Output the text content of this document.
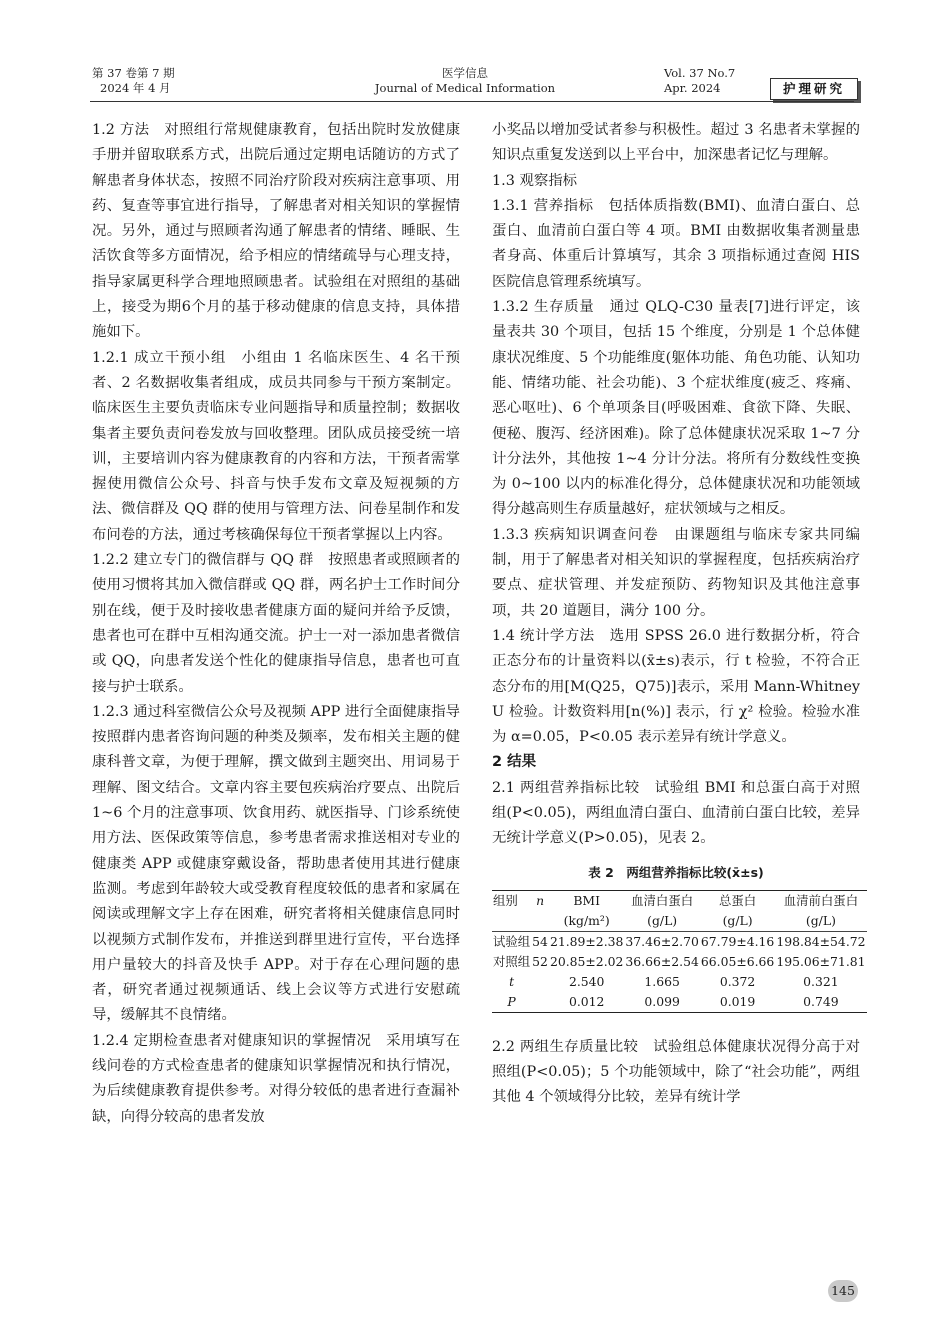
第 37 卷第 7 期
2024 年 4 月
医学信息
Journal of Medical Information
Vol. 37 No.7
Apr. 2024	护理研究

1.2 方法　对照组行常规健康教育，包括出院时发放健康手册并留取联系方式，出院后通过定期电话随访的方式了解患者身体状态，按照不同治疗阶段对疾病注意事项、用药、复查等事宜进行指导，了解患者对相关知识的掌握情况。另外，通过与照顾者沟通了解患者的情绪、睡眠、生活饮食等多方面情况，给予相应的情绪疏导与心理支持，指导家属更科学合理地照顾患者。试验组在对照组的基础上，接受为期6个月的基于移动健康的信息支持，具体措施如下。

1.2.1 成立干预小组　小组由 1 名临床医生、4 名干预者、2 名数据收集者组成，成员共同参与干预方案制定。临床医生主要负责临床专业问题指导和质量控制；数据收集者主要负责问卷发放与回收整理。团队成员接受统一培训，主要培训内容为健康教育的内容和方法，干预者需掌握使用微信公众号、抖音与快手发布文章及短视频的方法、微信群及 QQ 群的使用与管理方法、问卷星制作和发布问卷的方法，通过考核确保每位干预者掌握以上内容。

1.2.2 建立专门的微信群与 QQ 群　按照患者或照顾者的使用习惯将其加入微信群或 QQ 群，两名护士工作时间分别在线，便于及时接收患者健康方面的疑问并给予反馈，患者也可在群中互相沟通交流。护士一对一添加患者微信或 QQ，向患者发送个性化的健康指导信息，患者也可直接与护士联系。

1.2.3 通过科室微信公众号及视频 APP 进行全面健康指导　按照群内患者咨询问题的种类及频率，发布相关主题的健康科普文章，为便于理解，撰文做到主题突出、用词易于理解、图文结合。文章内容主要包疾病治疗要点、出院后 1~6 个月的注意事项、饮食用药、就医指导、门诊系统使用方法、医保政策等信息，参考患者需求推送相对专业的健康类 APP 或健康穿戴设备，帮助患者使用其进行健康监测。考虑到年龄较大或受教育程度较低的患者和家属在阅读或理解文字上存在困难，研究者将相关健康信息同时以视频方式制作发布，并推送到群里进行宣传，平台选择用户量较大的抖音及快手 APP。对于存在心理问题的患者，研究者通过视频通话、线上会议等方式进行安慰疏导，缓解其不良情绪。

1.2.4 定期检查患者对健康知识的掌握情况　采用填写在线问卷的方式检查患者的健康知识掌握情况和执行情况，为后续健康教育提供参考。对得分较低的患者进行查漏补缺，向得分较高的患者发放

小奖品以增加受试者参与积极性。超过 3 名患者未掌握的知识点重复发送到以上平台中，加深患者记忆与理解。

1.3 观察指标

1.3.1 营养指标　包括体质指数(BMI)、血清白蛋白、总蛋白、血清前白蛋白等 4 项。BMI 由数据收集者测量患者身高、体重后计算填写，其余 3 项指标通过查阅 HIS 医院信息管理系统填写。

1.3.2 生存质量　通过 QLQ-C30 量表[7]进行评定，该量表共 30 个项目，包括 15 个维度，分别是 1 个总体健康状况维度、5 个功能维度(躯体功能、角色功能、认知功能、情绪功能、社会功能)、3 个症状维度(疲乏、疼痛、恶心呕吐)、6 个单项条目(呼吸困难、食欲下降、失眠、便秘、腹泻、经济困难)。除了总体健康状况采取 1~7 分计分法外，其他按 1~4 分计分法。将所有分数线性变换为 0~100 以内的标准化得分，总体健康状况和功能领域得分越高则生存质量越好，症状领域与之相反。

1.3.3 疾病知识调查问卷　由课题组与临床专家共同编制，用于了解患者对相关知识的掌握程度，包括疾病治疗要点、症状管理、并发症预防、药物知识及其他注意事项，共 20 道题目，满分 100 分。

1.4 统计学方法　选用 SPSS 26.0 进行数据分析，符合正态分布的计量资料以(x̄±s)表示，行 t 检验，不符合正态分布的用[M(Q25，Q75)]表示，采用 Mann-Whitney U 检验。计数资料用[n(%)] 表示，行 χ² 检验。检验水准为 α=0.05，P<0.05 表示差异有统计学意义。

2 结果

2.1 两组营养指标比较　试验组 BMI 和总蛋白高于对照组(P<0.05)，两组血清白蛋白、血清前白蛋白比较，差异无统计学意义(P>0.05)，见表 2。

表 2　两组营养指标比较(x̄±s)
组别	n	BMI	血清白蛋白	总蛋白	血清前白蛋白
		(kg/m²)	(g/L)	(g/L)	(g/L)
试验组	54	21.89±2.38	37.46±2.70	67.79±4.16	198.84±54.72
对照组	52	20.85±2.02	36.66±2.54	66.05±6.66	195.06±71.81
t		2.540	1.665	0.372	0.321
P		0.012	0.099	0.019	0.749

2.2 两组生存质量比较　试验组总体健康状况得分高于对照组(P<0.05)；5 个功能领域中，除了“社会功能”，两组其他 4 个领域得分比较，差异有统计学

145
